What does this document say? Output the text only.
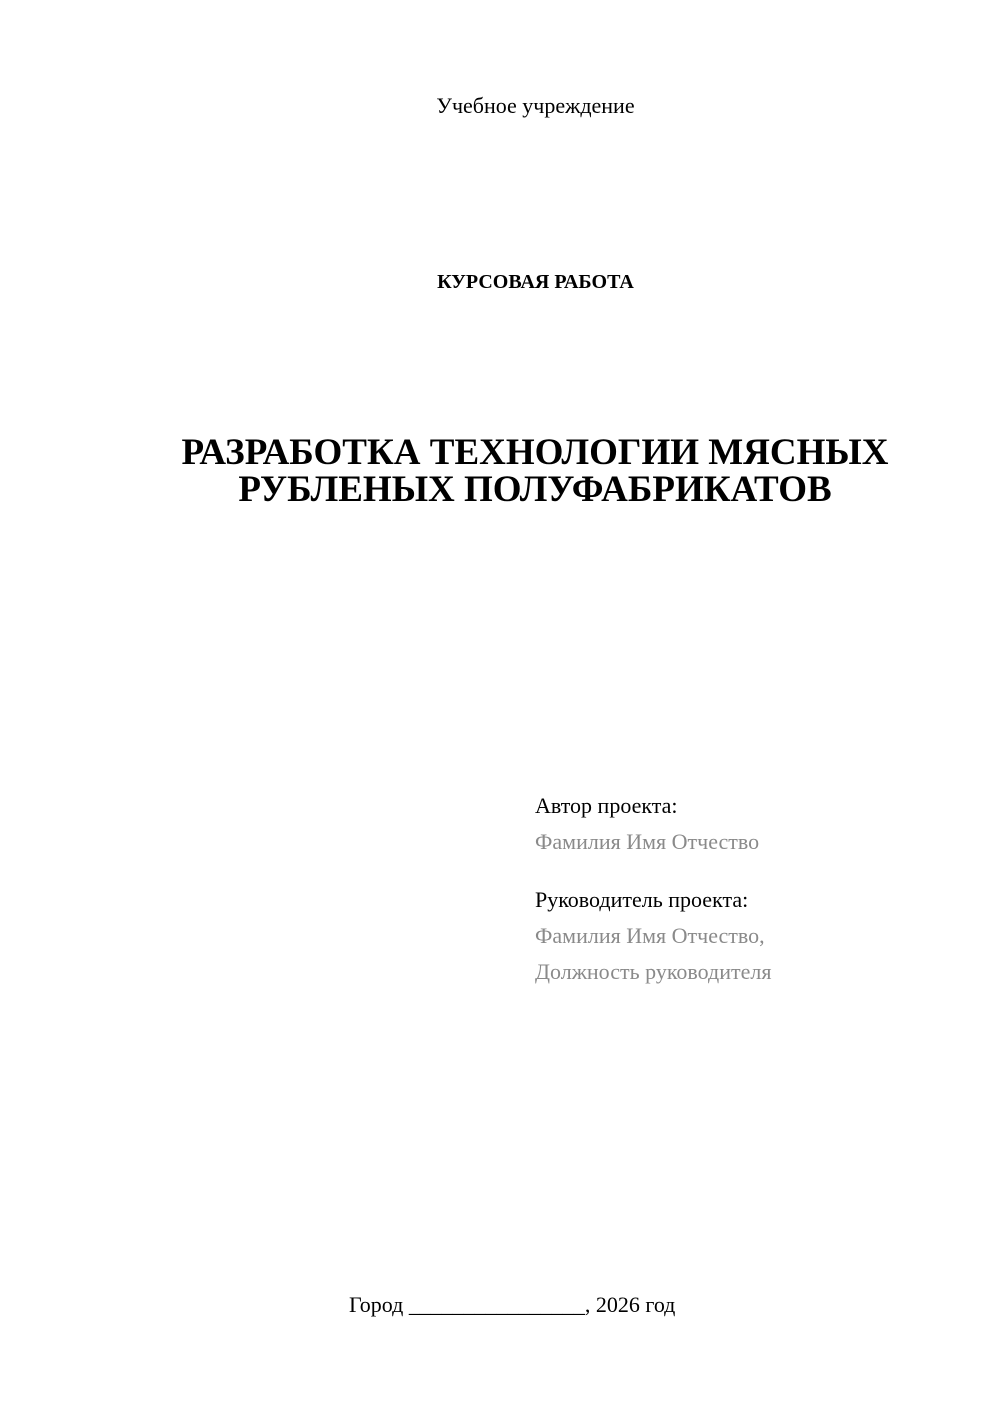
Учебное учреждение
КУРСОВАЯ РАБОТА
РАЗРАБОТКА ТЕХНОЛОГИИ МЯСНЫХ
РУБЛЕНЫХ ПОЛУФАБРИКАТОВ
Автор проекта:
Фамилия Имя Отчество
Руководитель проекта:
Фамилия Имя Отчество,
Должность руководителя
Город ________________, 2026 год
